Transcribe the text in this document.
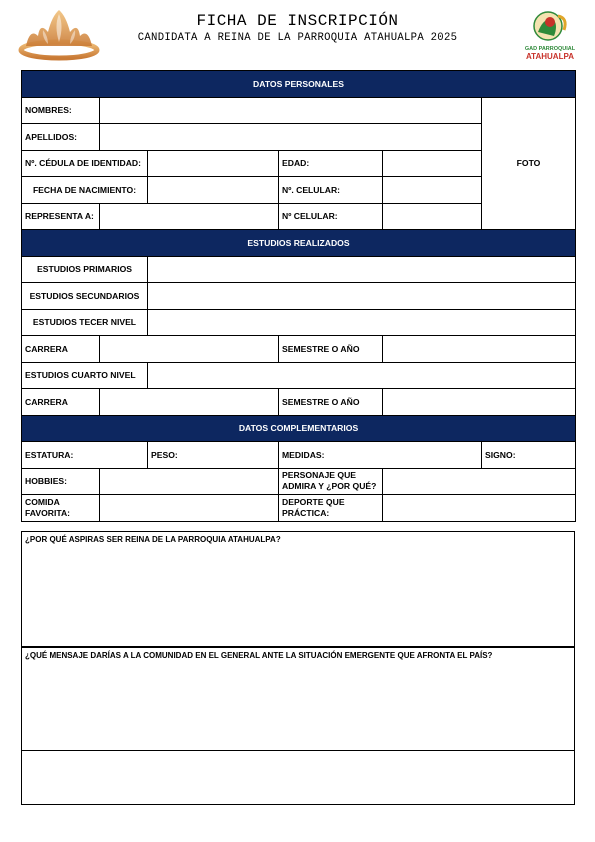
FICHA DE INSCRIPCIÓN
CANDIDATA A REINA DE LA PARROQUIA ATAHUALPA 2025
GAD PARROQUIAL
ATAHUALPA
DATOS PERSONALES					
NOMBRES:					FOTO
APELLIDOS:					
Nº. CÉDULA DE IDENTIDAD:			EDAD:		
FECHA DE NACIMIENTO:			Nº. CELULAR:		
REPRESENTA A:			Nº CELULAR:		
ESTUDIOS REALIZADOS					
ESTUDIOS PRIMARIOS					
ESTUDIOS SECUNDARIOS					
ESTUDIOS TECER NIVEL					
CARRERA			SEMESTRE O AÑO		
ESTUDIOS CUARTO NIVEL					
CARRERA			SEMESTRE O AÑO		
DATOS COMPLEMENTARIOS					
ESTATURA:		PESO:	MEDIDAS:		SIGNO:
HOBBIES:			PERSONAJE QUE ADMIRA Y ¿POR QUÉ?		
COMIDA FAVORITA:			DEPORTE QUE PRÁCTICA:		
¿POR QUÉ ASPIRAS SER REINA DE LA PARROQUIA ATAHUALPA?
¿QUÉ MENSAJE DARÍAS A LA COMUNIDAD EN EL GENERAL ANTE LA SITUACIÓN EMERGENTE QUE AFRONTA EL PAÍS?
